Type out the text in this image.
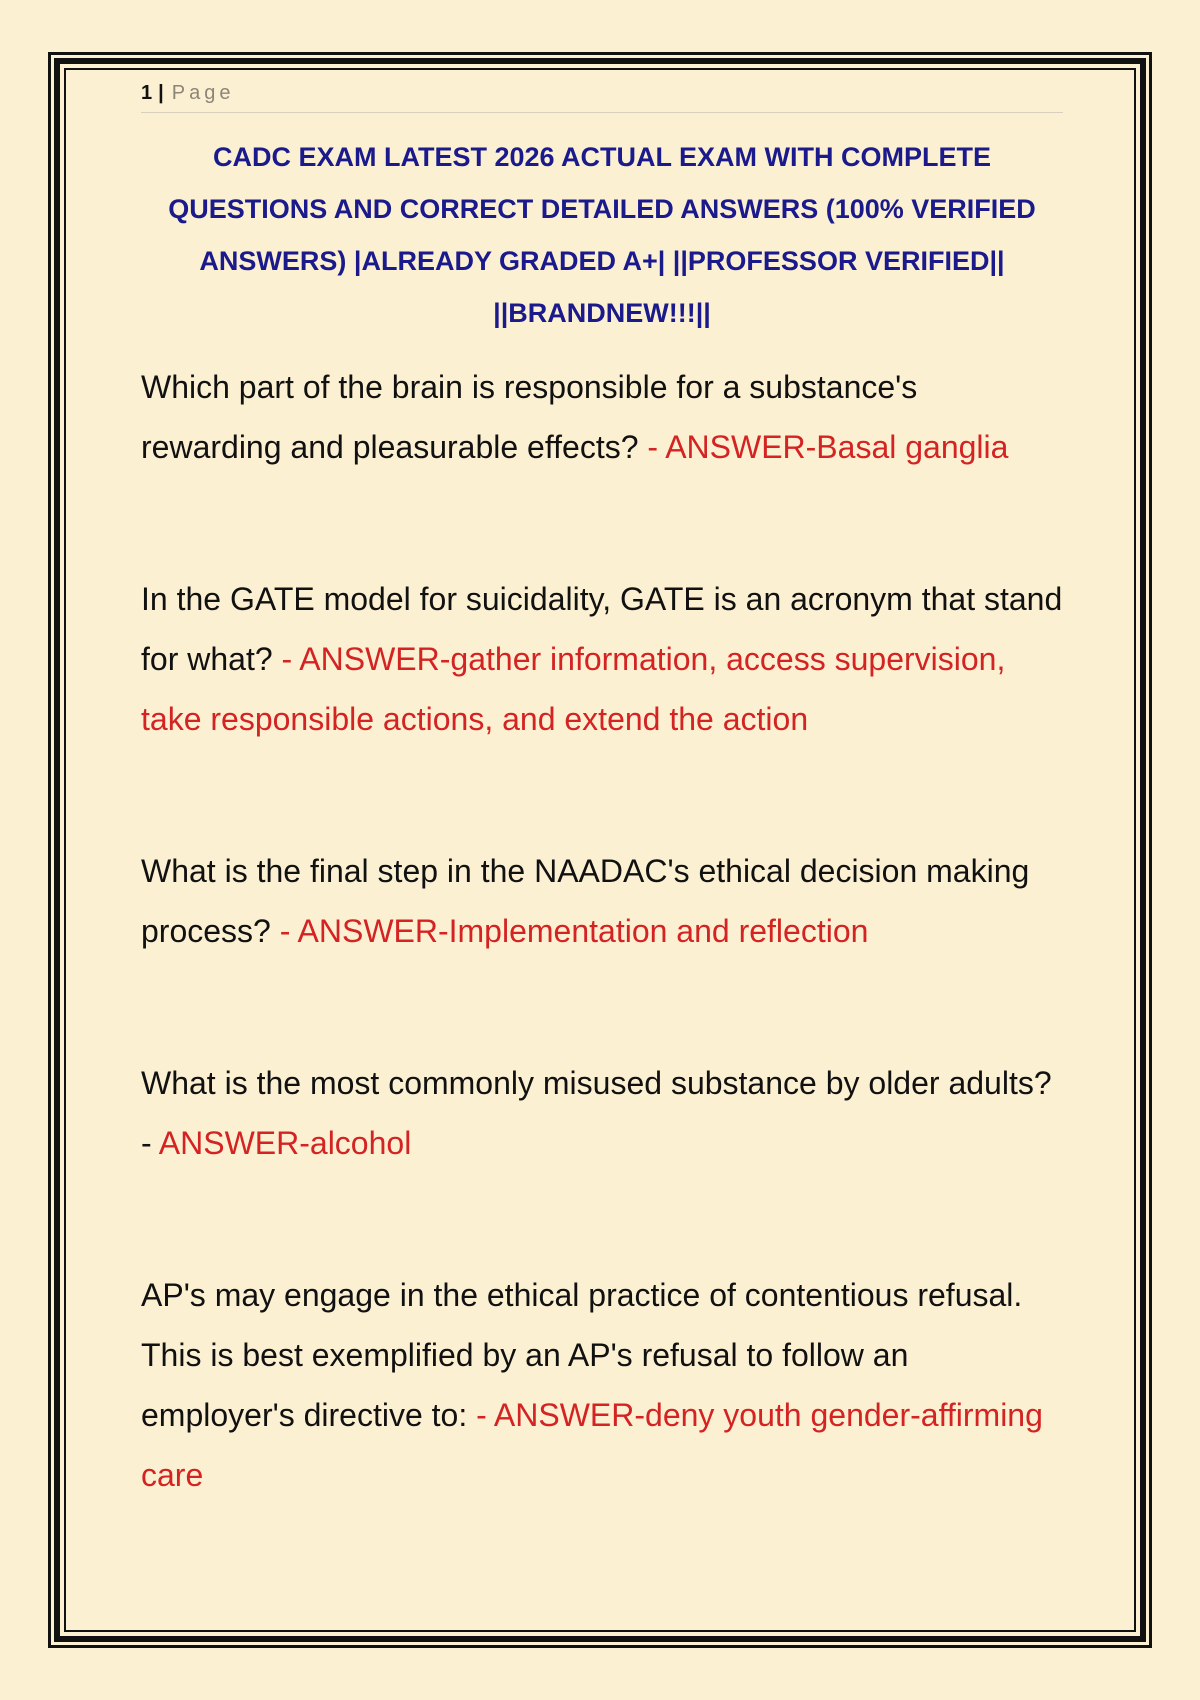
1 | Page
CADC EXAM LATEST 2026 ACTUAL EXAM WITH COMPLETE QUESTIONS AND CORRECT DETAILED ANSWERS (100% VERIFIED ANSWERS) |ALREADY GRADED A+| ||PROFESSOR VERIFIED|| ||BRANDNEW!!!||
Which part of the brain is responsible for a substance's rewarding and pleasurable effects? - ANSWER-Basal ganglia
In the GATE model for suicidality, GATE is an acronym that stand for what? - ANSWER-gather information, access supervision, take responsible actions, and extend the action
What is the final step in the NAADAC's ethical decision making process? - ANSWER-Implementation and reflection
What is the most commonly misused substance by older adults? - ANSWER-alcohol
AP's may engage in the ethical practice of contentious refusal. This is best exemplified by an AP's refusal to follow an employer's directive to: - ANSWER-deny youth gender-affirming care
